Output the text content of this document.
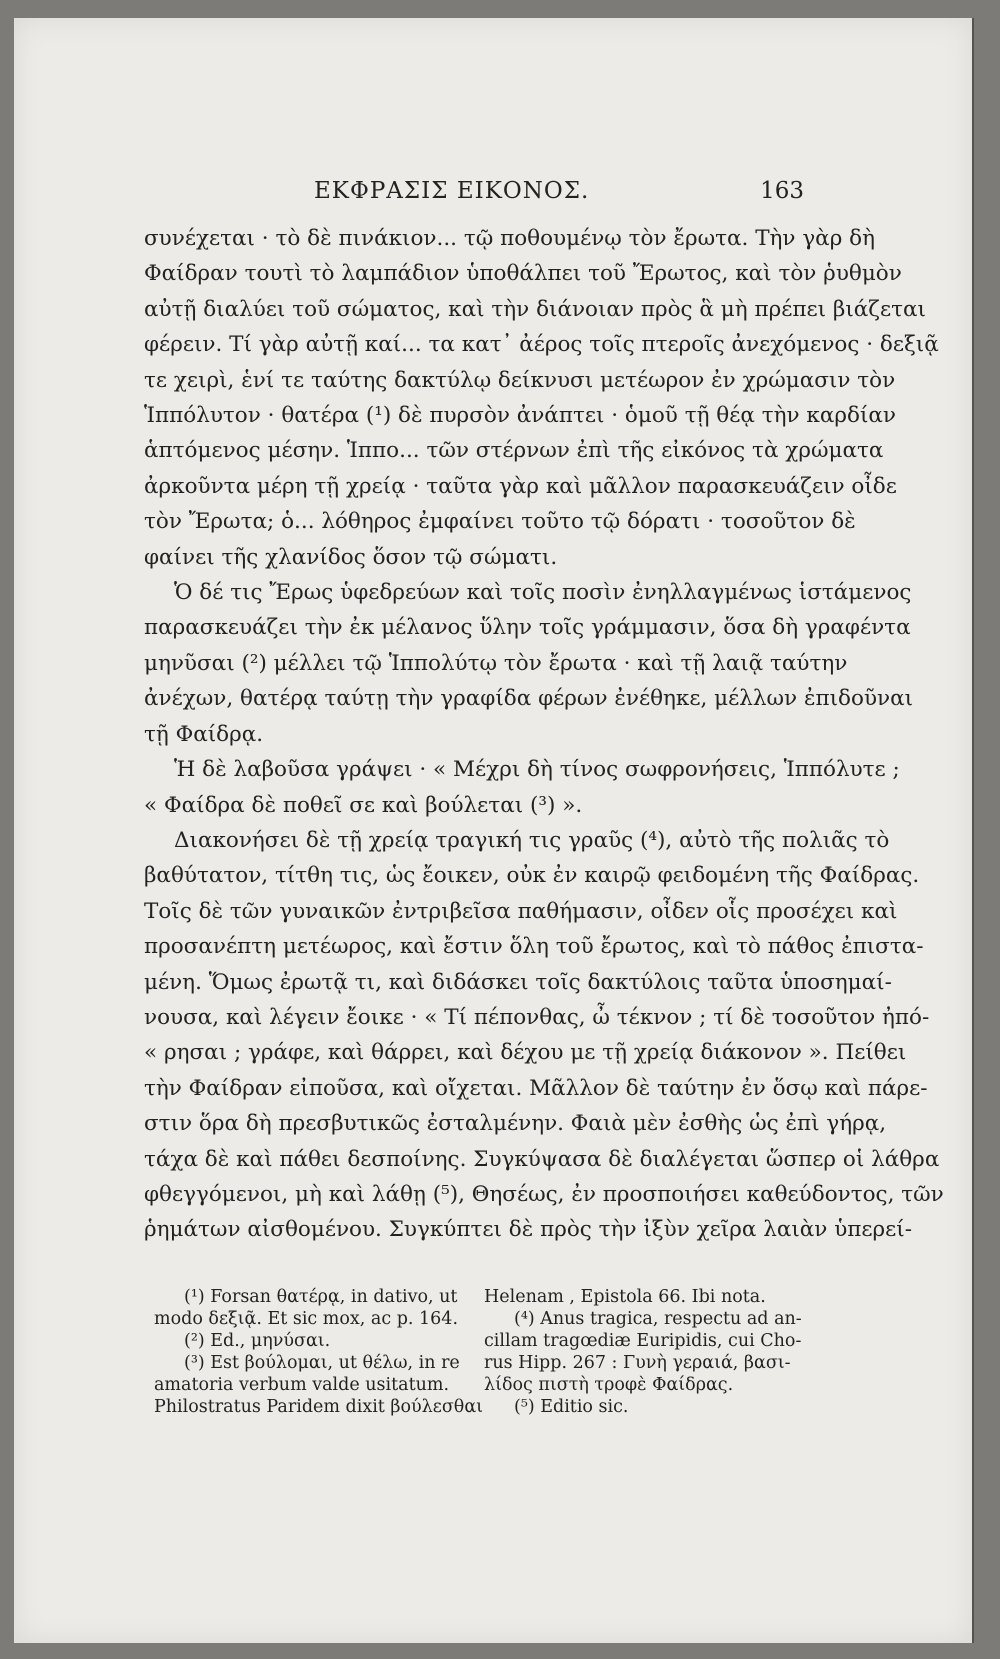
ΕΚΦΡΑΣΙΣ ΕΙΚΟΝΟΣ.	163
συνέχεται · τὸ δὲ πινάκιον... τῷ ποθουμένῳ τὸν ἔρωτα. Τὴν γὰρ δὴ
Φαίδραν τουτὶ τὸ λαμπάδιον ὑποθάλπει τοῦ Ἔρωτος, καὶ τὸν ῥυθμὸν
αὐτῇ διαλύει τοῦ σώματος, καὶ τὴν διάνοιαν πρὸς ἃ μὴ πρέπει βιάζεται
φέρειν. Τί γὰρ αὐτῇ καί... τα κατ᾽ ἀέρος τοῖς πτεροῖς ἀνεχόμενος · δεξιᾷ
τε χειρὶ, ἑνί τε ταύτης δακτύλῳ δείκνυσι μετέωρον ἐν χρώμασιν τὸν
Ἱππόλυτον · θατέρα (¹) δὲ πυρσὸν ἀνάπτει · ὁμοῦ τῇ θέᾳ τὴν καρδίαν
ἁπτόμενος μέσην. Ἱππο... τῶν στέρνων ἐπὶ τῆς εἰκόνος τὰ χρώματα
ἀρκοῦντα μέρη τῇ χρείᾳ · ταῦτα γὰρ καὶ μᾶλλον παρασκευάζειν οἶδε
τὸν Ἔρωτα; ὁ... λόθηρος ἐμφαίνει τοῦτο τῷ δόρατι · τοσοῦτον δὲ
φαίνει τῆς χλανίδος ὅσον τῷ σώματι.
Ὁ δέ τις Ἔρως ὑφεδρεύων καὶ τοῖς ποσὶν ἐνηλλαγμένως ἱστάμενος
παρασκευάζει τὴν ἐκ μέλανος ὕλην τοῖς γράμμασιν, ὅσα δὴ γραφέντα
μηνῦσαι (²) μέλλει τῷ Ἱππολύτῳ τὸν ἔρωτα · καὶ τῇ λαιᾷ ταύτην
ἀνέχων, θατέρᾳ ταύτῃ τὴν γραφίδα φέρων ἐνέθηκε, μέλλων ἐπιδοῦναι
τῇ Φαίδρᾳ.
Ἡ δὲ λαβοῦσα γράψει · « Μέχρι δὴ τίνος σωφρονήσεις, Ἱππόλυτε ;
« Φαίδρα δὲ ποθεῖ σε καὶ βούλεται (³) ».
Διακονήσει δὲ τῇ χρείᾳ τραγική τις γραῦς (⁴), αὐτὸ τῆς πολιᾶς τὸ
βαθύτατον, τίτθη τις, ὡς ἔοικεν, οὐκ ἐν καιρῷ φειδομένη τῆς Φαίδρας.
Τοῖς δὲ τῶν γυναικῶν ἐντριβεῖσα παθήμασιν, οἶδεν οἷς προσέχει καὶ
προσανέπτη μετέωρος, καὶ ἔστιν ὅλη τοῦ ἔρωτος, καὶ τὸ πάθος ἐπιστα-
μένη. Ὅμως ἐρωτᾷ τι, καὶ διδάσκει τοῖς δακτύλοις ταῦτα ὑποσημαί-
νουσα, καὶ λέγειν ἔοικε · « Τί πέπονθας, ὦ τέκνον ; τί δὲ τοσοῦτον ἠπό-
« ρησαι ; γράφε, καὶ θάρρει, καὶ δέχου με τῇ χρείᾳ διάκονον ». Πείθει
τὴν Φαίδραν εἰποῦσα, καὶ οἴχεται. Μᾶλλον δὲ ταύτην ἐν ὅσῳ καὶ πάρε-
στιν ὅρα δὴ πρεσβυτικῶς ἐσταλμένην. Φαιὰ μὲν ἐσθὴς ὡς ἐπὶ γήρᾳ,
τάχα δὲ καὶ πάθει δεσποίνης. Συγκύψασα δὲ διαλέγεται ὥσπερ οἱ λάθρα
φθεγγόμενοι, μὴ καὶ λάθῃ (⁵), Θησέως, ἐν προσποιήσει καθεύδοντος, τῶν
ῥημάτων αἰσθομένου. Συγκύπτει δὲ πρὸς τὴν ἰξὺν χεῖρα λαιὰν ὑπερεί-
(¹) Forsan θατέρᾳ, in dativo, ut
modo δεξιᾷ. Et sic mox, ac p. 164.
(²) Ed., μηνύσαι.
(³) Est βούλομαι, ut θέλω, in re
amatoria verbum valde usitatum.
Philostratus Paridem dixit βούλεσθαι
Helenam , Epistola 66. Ibi nota.
(⁴) Anus tragica, respectu ad an-
cillam tragœdiæ Euripidis, cui Cho-
rus Hipp. 267 : Γυνὴ γεραιά, βασι-
λίδος πιστὴ τροφὲ Φαίδρας.
(⁵) Editio sic.
